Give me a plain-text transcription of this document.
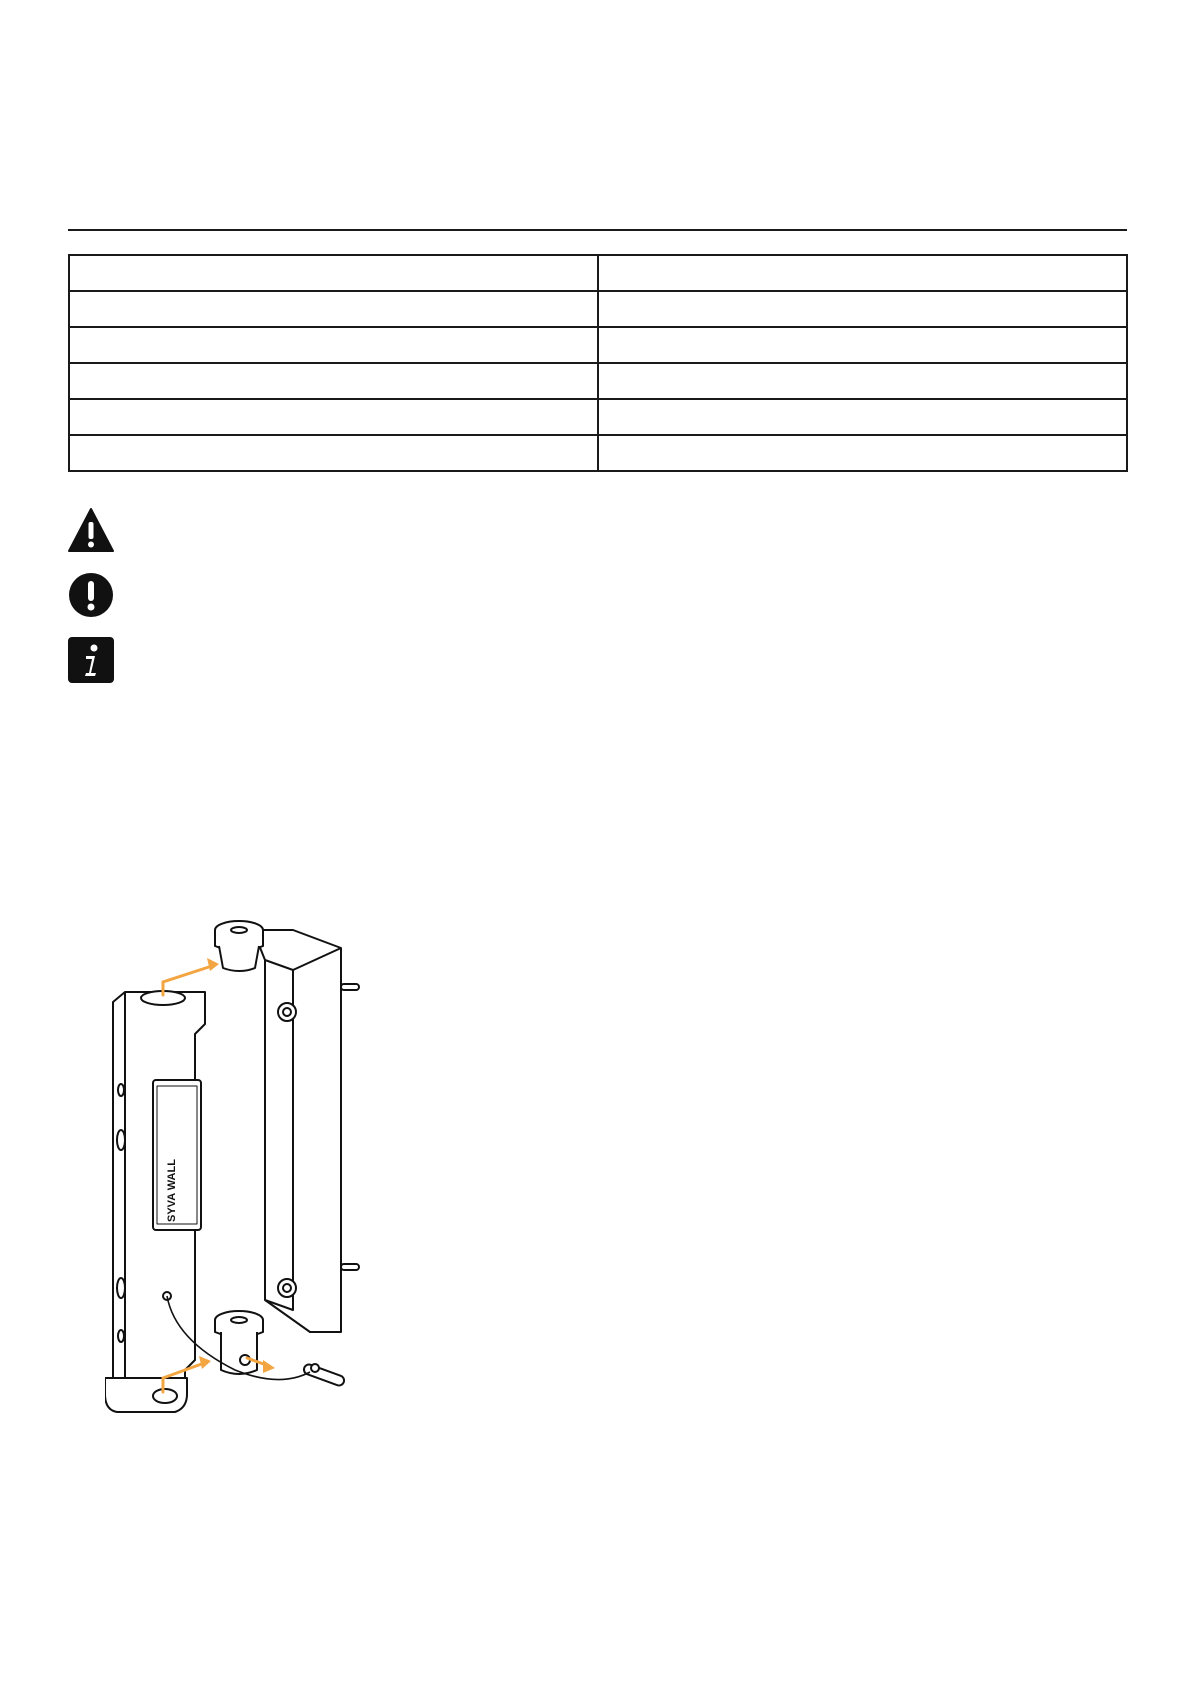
SYVA WALL
